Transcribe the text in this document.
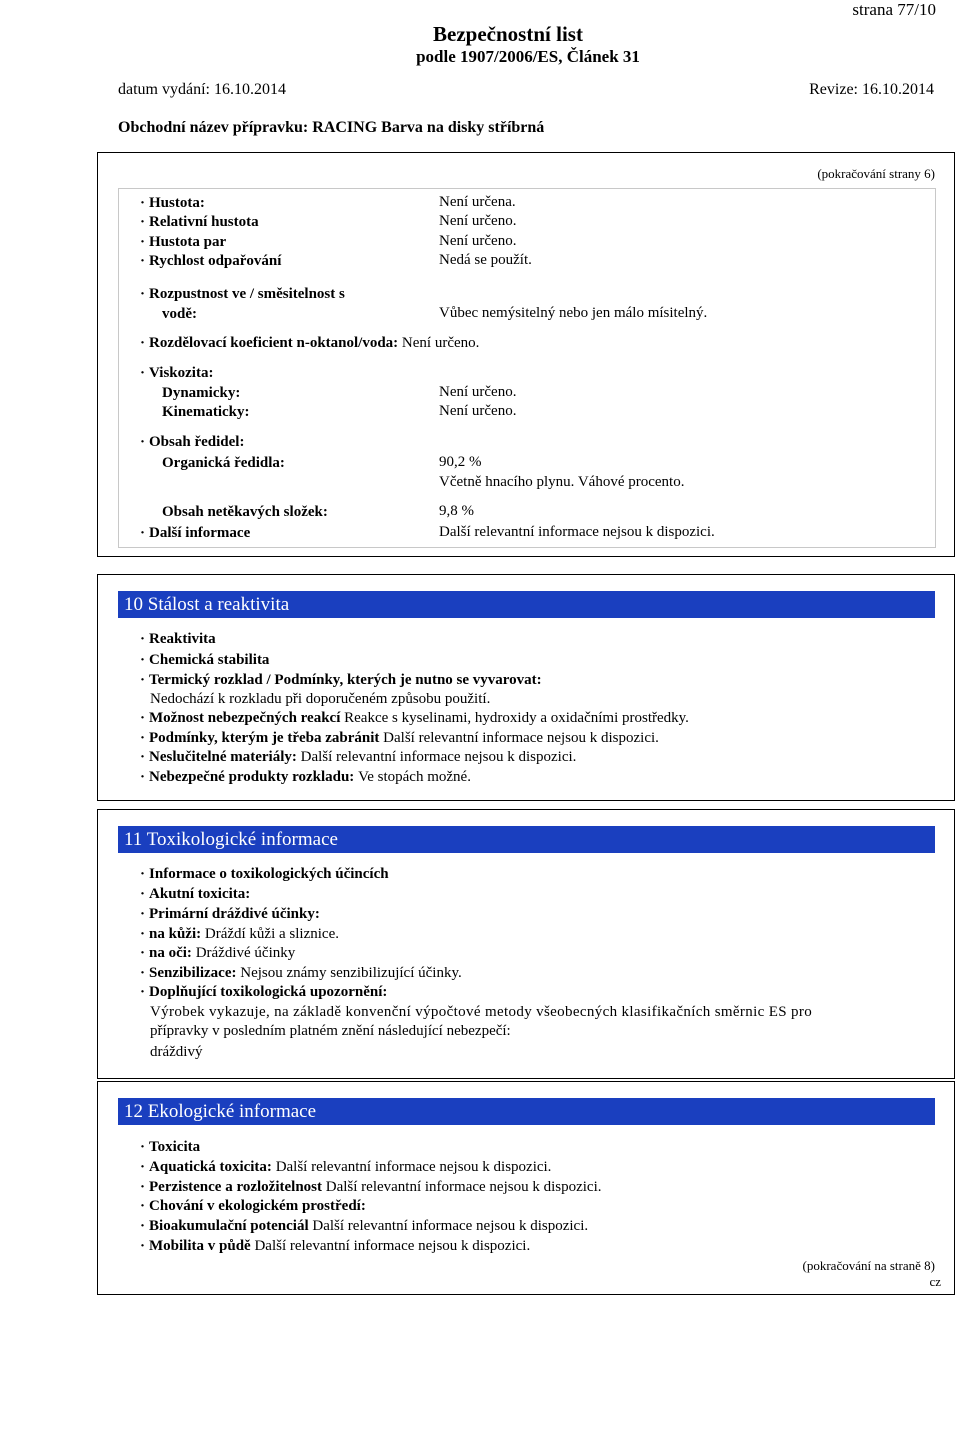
strana 77/10
Bezpečnostní list
podle 1907/2006/ES, Článek 31
datum vydání: 16.10.2014	Revize: 16.10.2014
Obchodní název přípravku: RACING Barva na disky stříbrná
(pokračování strany 6)
· Hustota:	Není určena.
· Relativní hustota	Není určeno.
· Hustota par	Není určeno.
· Rychlost odpařování	Nedá se použít.
· Rozpustnost ve / směsitelnost s
vodě:	Vůbec nemýsitelný nebo jen málo mísitelný.
· Rozdělovací koeficient n-oktanol/voda: Není určeno.
· Viskozita:
Dynamicky:	Není určeno.
Kinematicky:	Není určeno.
· Obsah ředidel:
Organická ředidla:	90,2 %
Včetně hnacího plynu. Váhové procento.
Obsah netěkavých složek:	9,8 %
· Další informace	Další relevantní informace nejsou k dispozici.
10 Stálost a reaktivita
· Reaktivita
· Chemická stabilita
· Termický rozklad / Podmínky, kterých je nutno se vyvarovat:
Nedochází k rozkladu při doporučeném způsobu použití.
· Možnost nebezpečných reakcí Reakce s kyselinami, hydroxidy a oxidačními prostředky.
· Podmínky, kterým je třeba zabránit Další relevantní informace nejsou k dispozici.
· Neslučitelné materiály: Další relevantní informace nejsou k dispozici.
· Nebezpečné produkty rozkladu: Ve stopách možné.
11 Toxikologické informace
· Informace o toxikologických účincích
· Akutní toxicita:
· Primární dráždivé účinky:
· na kůži: Dráždí kůži a sliznice.
· na oči: Dráždivé účinky
· Senzibilizace: Nejsou známy senzibilizující účinky.
· Doplňující toxikologická upozornění:
Výrobek vykazuje, na základě konvenční výpočtové metody všeobecných klasifikačních směrnic ES pro
přípravky v posledním platném znění následující nebezpečí:
dráždivý
12 Ekologické informace
· Toxicita
· Aquatická toxicita: Další relevantní informace nejsou k dispozici.
· Perzistence a rozložitelnost Další relevantní informace nejsou k dispozici.
· Chování v ekologickém prostředí:
· Bioakumulační potenciál Další relevantní informace nejsou k dispozici.
· Mobilita v půdě Další relevantní informace nejsou k dispozici.
(pokračování na straně 8)
cz
